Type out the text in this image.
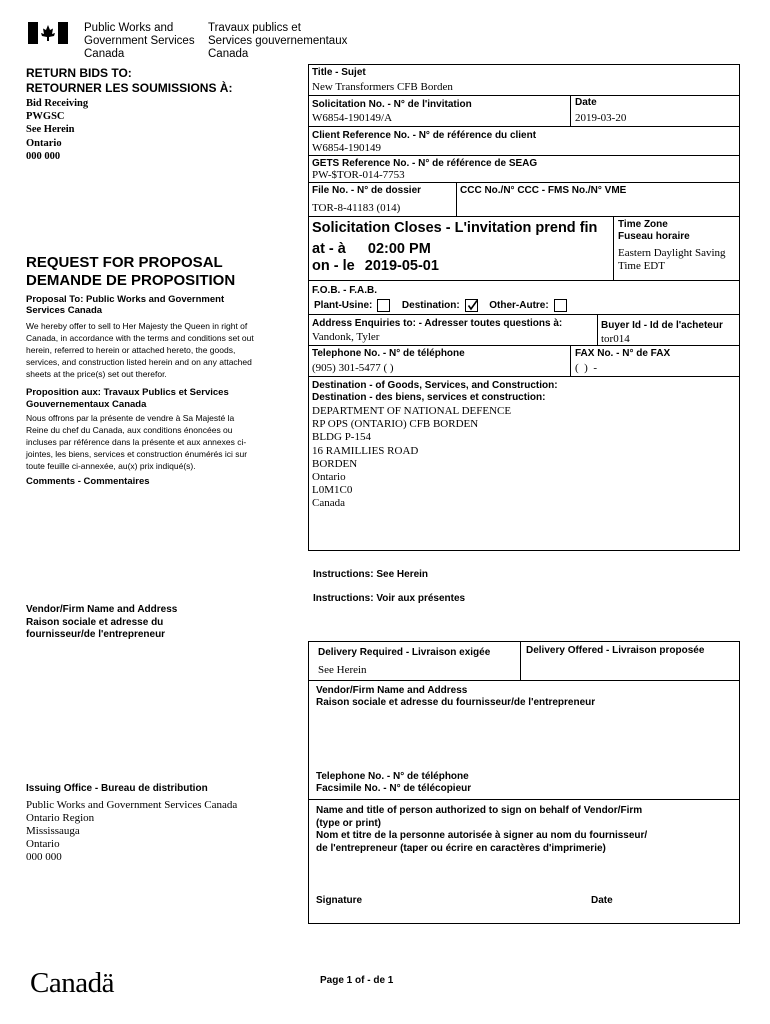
Public Works and
Government Services
Canada
Travaux publics et
Services gouvernementaux
Canada
RETURN BIDS TO:
RETOURNER LES SOUMISSIONS À:
Bid Receiving
PWGSC
See Herein
Ontario
000 000
REQUEST FOR PROPOSAL
DEMANDE DE PROPOSITION
Proposal To: Public Works and Government Services Canada
We hereby offer to sell to Her Majesty the Queen in right of Canada, in accordance with the terms and conditions set out herein, referred to herein or attached hereto, the goods, services, and construction listed herein and on any attached sheets at the price(s) set out therefor.
Proposition aux: Travaux Publics et Services Gouvernementaux Canada
Nous offrons par la présente de vendre à Sa Majesté la Reine du chef du Canada, aux conditions énoncées ou incluses par référence dans la présente et aux annexes ci-jointes, les biens, services et construction énumérés ici sur toute feuille ci-annexée, au(x) prix indiqué(s).
Comments - Commentaires
Vendor/Firm Name and Address
Raison sociale et adresse du
fournisseur/de l'entrepreneur
Issuing Office - Bureau de distribution
Public Works and Government Services Canada
Ontario Region
Mississauga
Ontario
000 000
Canadä
Title - Sujet
New Transformers CFB Borden
Solicitation No. - N° de l'invitation
W6854-190149/A
Date
2019-03-20
Client Reference No. - N° de référence du client
W6854-190149
GETS Reference No. - N° de référence de SEAG
PW-$TOR-014-7753
File No. - N° de dossier
TOR-8-41183 (014)
CCC No./N° CCC - FMS No./N° VME
Solicitation Closes - L'invitation prend fin
at - à 02:00 PM
on - le 2019-05-01
Time Zone
Fuseau horaire
Eastern Daylight Saving
Time EDT
F.O.B. - F.A.B.
Plant-Usine:	Destination:	Other-Autre:
Address Enquiries to: - Adresser toutes questions à:
Vandonk, Tyler
Buyer Id - Id de l'acheteur
tor014
Telephone No. - N° de téléphone
(905) 301-5477 ( )
FAX No. - N° de FAX
(  )  -
Destination - of Goods, Services, and Construction:
Destination - des biens, services et construction:
DEPARTMENT OF NATIONAL DEFENCE
RP OPS (ONTARIO) CFB BORDEN
BLDG P-154
16 RAMILLIES ROAD
BORDEN
Ontario
L0M1C0
Canada
Instructions: See Herein
Instructions: Voir aux présentes
Delivery Required - Livraison exigée
See Herein
Delivery Offered - Livraison proposée
Vendor/Firm Name and Address
Raison sociale et adresse du fournisseur/de l'entrepreneur
Telephone No. - N° de téléphone
Facsimile No. - N° de télécopieur
Name and title of person authorized to sign on behalf of Vendor/Firm
(type or print)
Nom et titre de la personne autorisée à signer au nom du fournisseur/
de l'entrepreneur (taper ou écrire en caractères d'imprimerie)
Signature	Date
Page 1 of - de 1
